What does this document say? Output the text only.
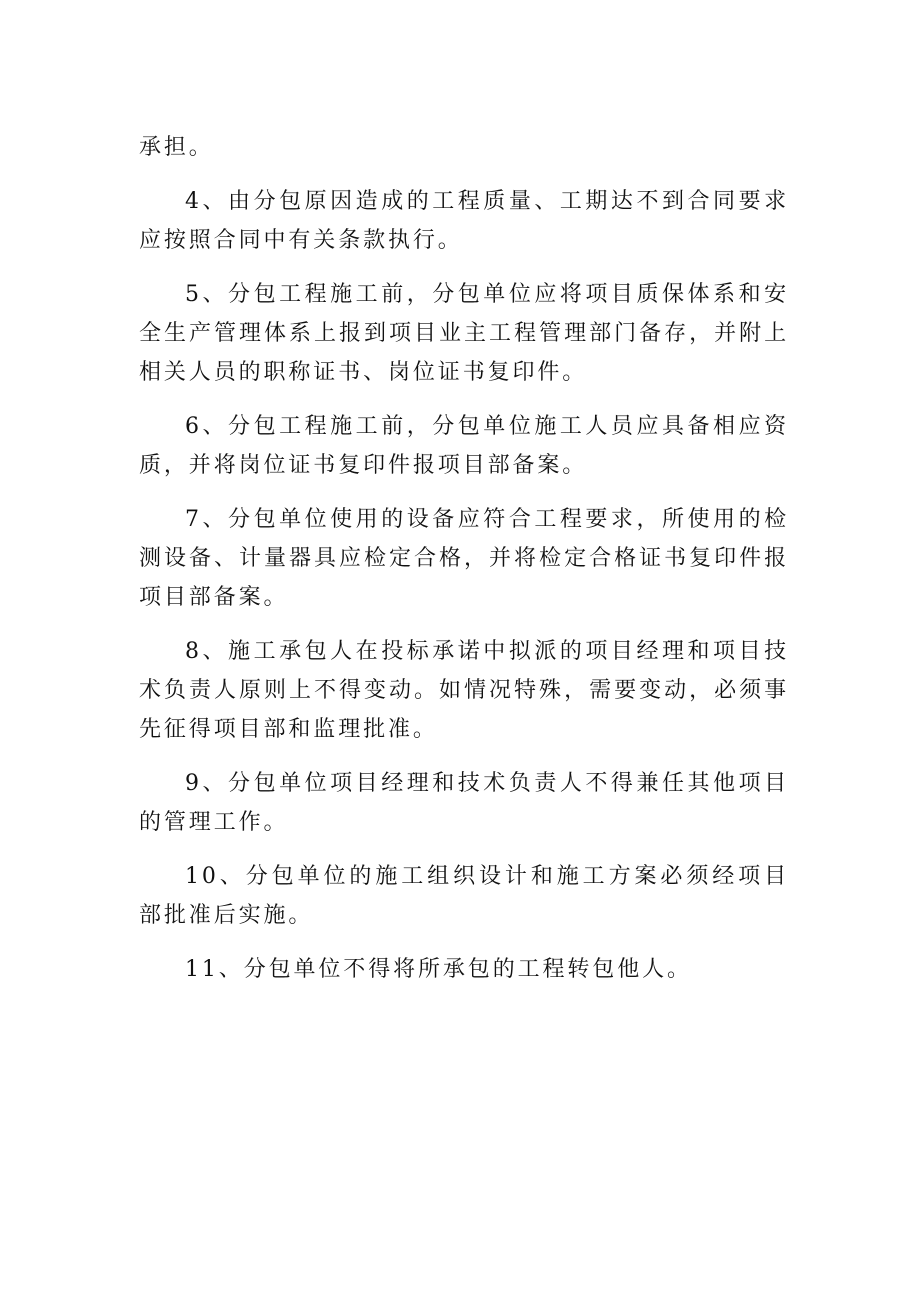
承担。

4、由分包原因造成的工程质量、工期达不到合同要求应按照合同中有关条款执行。

5、分包工程施工前，分包单位应将项目质保体系和安全生产管理体系上报到项目业主工程管理部门备存，并附上相关人员的职称证书、岗位证书复印件。

6、分包工程施工前，分包单位施工人员应具备相应资质，并将岗位证书复印件报项目部备案。

7、分包单位使用的设备应符合工程要求，所使用的检测设备、计量器具应检定合格，并将检定合格证书复印件报项目部备案。

8、施工承包人在投标承诺中拟派的项目经理和项目技术负责人原则上不得变动。如情况特殊，需要变动，必须事先征得项目部和监理批准。

9、分包单位项目经理和技术负责人不得兼任其他项目的管理工作。

10、分包单位的施工组织设计和施工方案必须经项目部批准后实施。

11、分包单位不得将所承包的工程转包他人。
